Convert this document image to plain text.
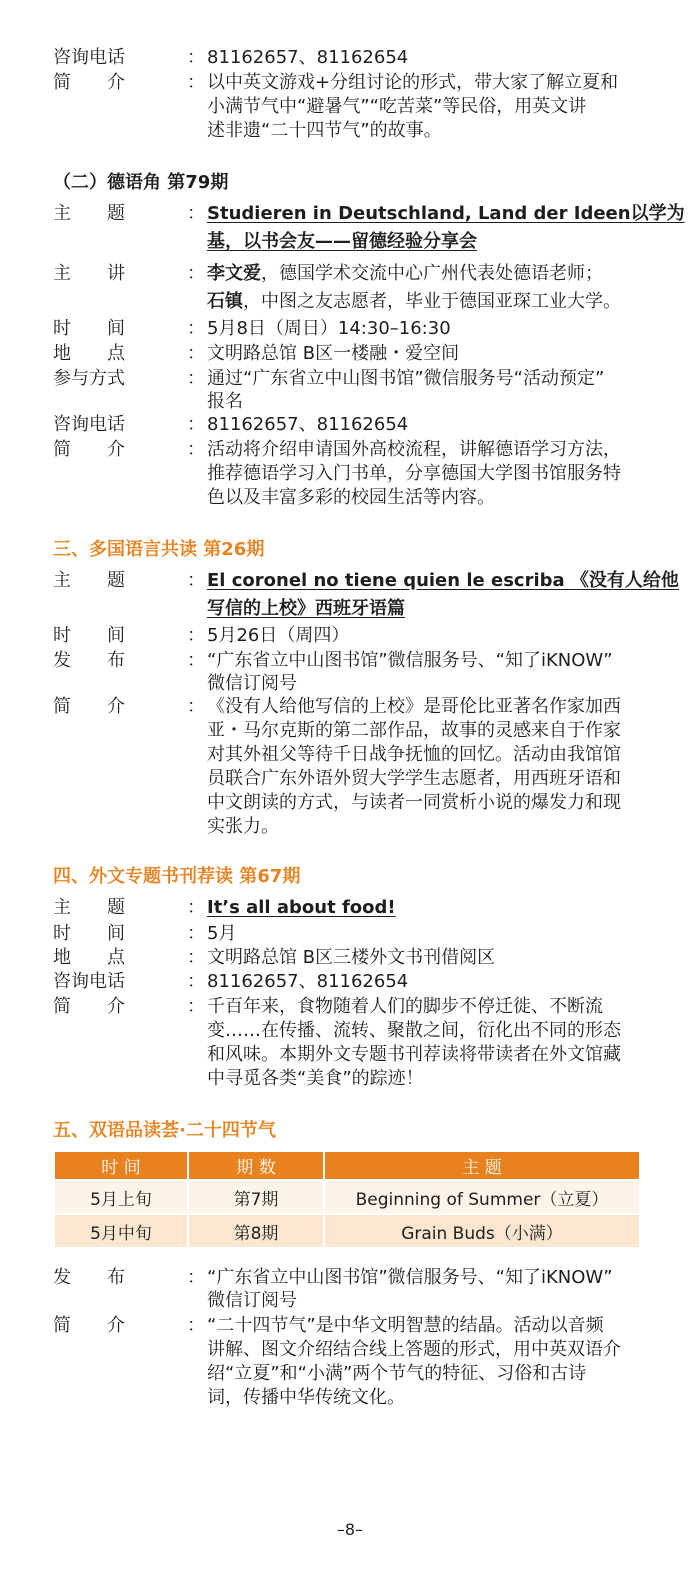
咨询电话	： 81162657、81162654
简　　介	： 以中英文游戏+分组讨论的形式，带大家了解立夏和
小满节气中“避暑气”“吃苦菜”等民俗，用英文讲
述非遗“二十四节气”的故事。
（二）德语角 第79期
主　　题	： Studieren in Deutschland, Land der Ideen以学为
基，以书会友——留德经验分享会
主　　讲	： 李文爱，德国学术交流中心广州代表处德语老师；
石镇，中图之友志愿者，毕业于德国亚琛工业大学。
时　　间	： 5月8日（周日）14:30–16:30
地　　点	： 文明路总馆 B区一楼融・爱空间
参与方式	： 通过“广东省立中山图书馆”微信服务号“活动预定”
报名
咨询电话	： 81162657、81162654
简　　介	： 活动将介绍申请国外高校流程，讲解德语学习方法，
推荐德语学习入门书单，分享德国大学图书馆服务特
色以及丰富多彩的校园生活等内容。
三、多国语言共读 第26期
主　　题	： El coronel no tiene quien le escriba 《没有人给他
写信的上校》西班牙语篇
时　　间	： 5月26日（周四）
发　　布	： “广东省立中山图书馆”微信服务号、“知了iKNOW”
微信订阅号
简　　介	： 《没有人给他写信的上校》是哥伦比亚著名作家加西
亚・马尔克斯的第二部作品，故事的灵感来自于作家
对其外祖父等待千日战争抚恤的回忆。活动由我馆馆
员联合广东外语外贸大学学生志愿者，用西班牙语和
中文朗读的方式，与读者一同赏析小说的爆发力和现
实张力。
四、外文专题书刊荐读 第67期
主　　题	： It’s all about food!
时　　间	： 5月
地　　点	： 文明路总馆 B区三楼外文书刊借阅区
咨询电话	： 81162657、81162654
简　　介	： 千百年来，食物随着人们的脚步不停迁徙、不断流
变……在传播、流转、聚散之间，衍化出不同的形态
和风味。本期外文专题书刊荐读将带读者在外文馆藏
中寻觅各类“美食”的踪迹！
五、双语品读荟·二十四节气
时 间	期 数	主 题
5月上旬	第7期	Beginning of Summer（立夏）
5月中旬	第8期	Grain Buds（小满）
发　　布	： “广东省立中山图书馆”微信服务号、“知了iKNOW”
微信订阅号
简　　介	： “二十四节气”是中华文明智慧的结晶。活动以音频
讲解、图文介绍结合线上答题的形式，用中英双语介
绍“立夏”和“小满”两个节气的特征、习俗和古诗
词，传播中华传统文化。
–8–
